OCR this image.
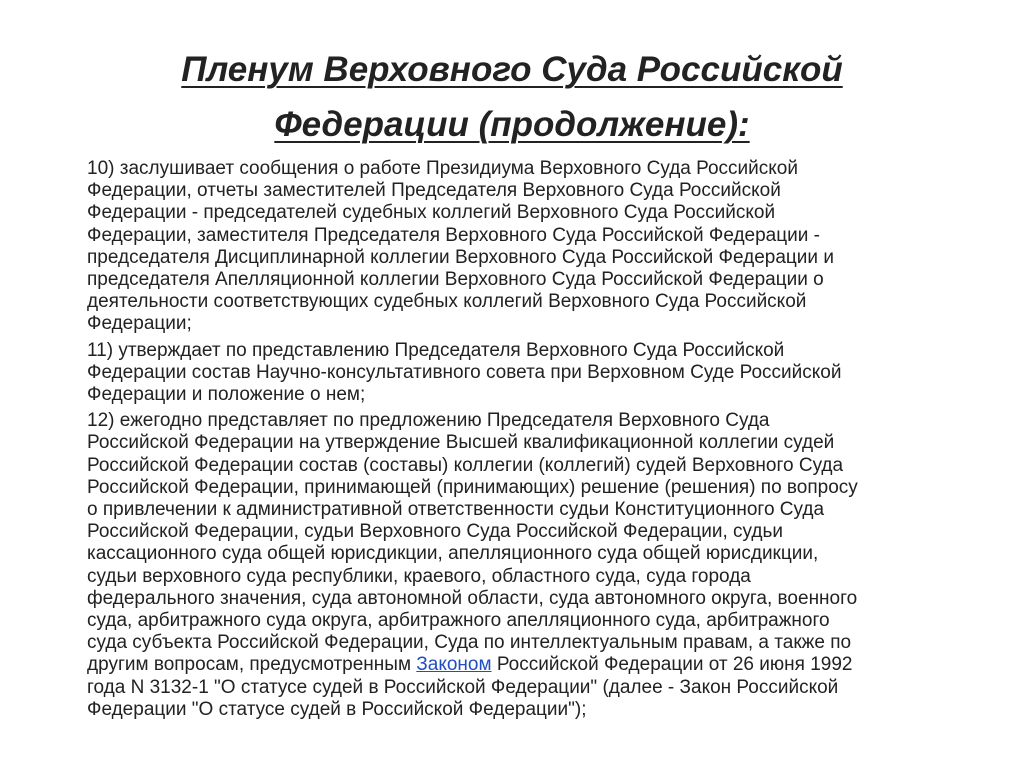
Пленум Верховного Суда Российской
Федерации (продолжение):

10) заслушивает сообщения о работе Президиума Верховного Суда Российской
Федерации, отчеты заместителей Председателя Верховного Суда Российской
Федерации - председателей судебных коллегий Верховного Суда Российской
Федерации, заместителя Председателя Верховного Суда Российской Федерации -
председателя Дисциплинарной коллегии Верховного Суда Российской Федерации и
председателя Апелляционной коллегии Верховного Суда Российской Федерации о
деятельности соответствующих судебных коллегий Верховного Суда Российской
Федерации;

11) утверждает по представлению Председателя Верховного Суда Российской
Федерации состав Научно-консультативного совета при Верховном Суде Российской
Федерации и положение о нем;

12) ежегодно представляет по предложению Председателя Верховного Суда
Российской Федерации на утверждение Высшей квалификационной коллегии судей
Российской Федерации состав (составы) коллегии (коллегий) судей Верховного Суда
Российской Федерации, принимающей (принимающих) решение (решения) по вопросу
о привлечении к административной ответственности судьи Конституционного Суда
Российской Федерации, судьи Верховного Суда Российской Федерации, судьи
кассационного суда общей юрисдикции, апелляционного суда общей юрисдикции,
судьи верховного суда республики, краевого, областного суда, суда города
федерального значения, суда автономной области, суда автономного округа, военного
суда, арбитражного суда округа, арбитражного апелляционного суда, арбитражного
суда субъекта Российской Федерации, Суда по интеллектуальным правам, а также по
другим вопросам, предусмотренным Законом Российской Федерации от 26 июня 1992
года N 3132-1 "О статусе судей в Российской Федерации" (далее - Закон Российской
Федерации "О статусе судей в Российской Федерации");
